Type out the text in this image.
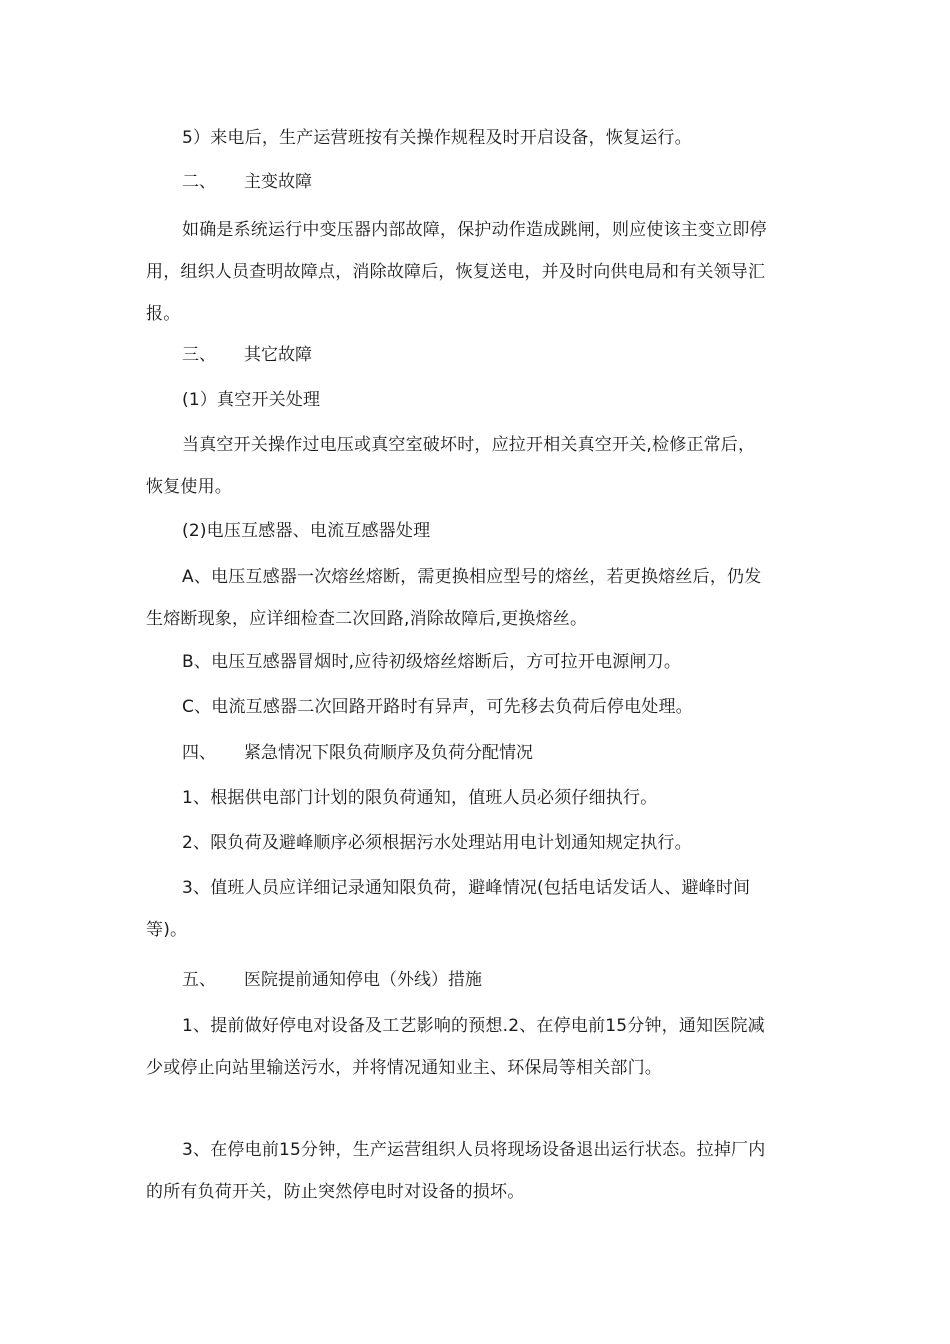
5）来电后，生产运营班按有关操作规程及时开启设备，恢复运行。

二、 主变故障

如确是系统运行中变压器内部故障，保护动作造成跳闸，则应使该主变立即停用，组织人员查明故障点，消除故障后，恢复送电，并及时向供电局和有关领导汇报。

三、 其它故障

(1）真空开关处理

当真空开关操作过电压或真空室破坏时，应拉开相关真空开关,检修正常后，恢复使用。

(2)电压互感器、电流互感器处理

A、电压互感器一次熔丝熔断，需更换相应型号的熔丝，若更换熔丝后，仍发生熔断现象，应详细检查二次回路,消除故障后,更换熔丝。

B、电压互感器冒烟时,应待初级熔丝熔断后，方可拉开电源闸刀。

C、电流互感器二次回路开路时有异声，可先移去负荷后停电处理。

四、 紧急情况下限负荷顺序及负荷分配情况

1、根据供电部门计划的限负荷通知，值班人员必须仔细执行。

2、限负荷及避峰顺序必须根据污水处理站用电计划通知规定执行。

3、值班人员应详细记录通知限负荷，避峰情况(包括电话发话人、避峰时间等)。

五、 医院提前通知停电（外线）措施

1、提前做好停电对设备及工艺影响的预想.2、在停电前15分钟，通知医院减少或停止向站里输送污水，并将情况通知业主、环保局等相关部门。

3、在停电前15分钟，生产运营组织人员将现场设备退出运行状态。拉掉厂内的所有负荷开关，防止突然停电时对设备的损坏。
